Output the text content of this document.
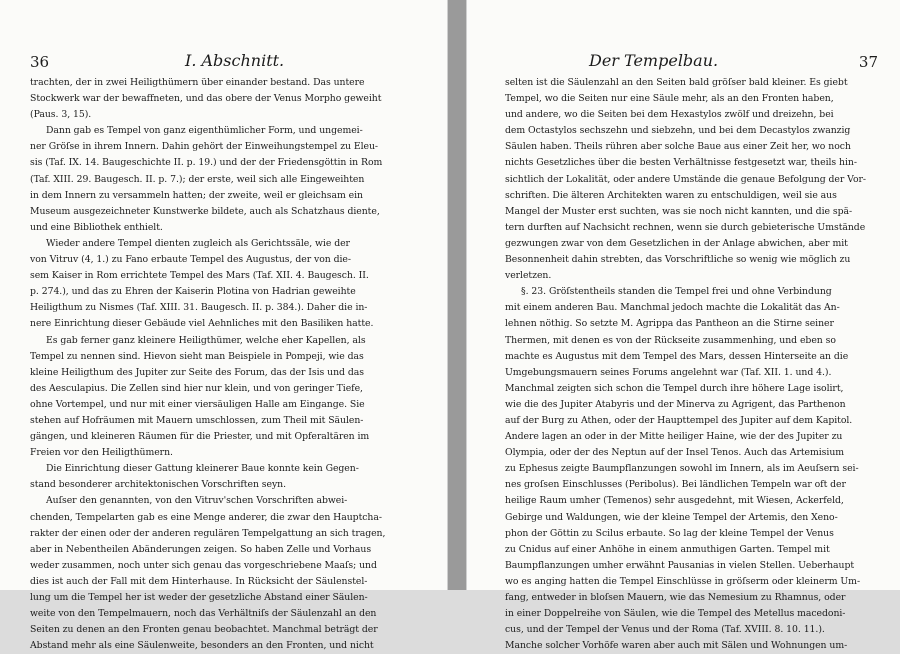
36	I. Abschnitt.
trachten, der in zwei Heiligthümern über einander bestand. Das untere
Stockwerk war der bewaffneten, und das obere der Venus Morpho geweiht
(Paus. 3, 15).
Dann gab es Tempel von ganz eigenthümlicher Form, und ungemei-
ner Gröſse in ihrem Innern. Dahin gehört der Einweihungstempel zu Eleu-
sis (Taf. IX. 14. Baugeschichte II. p. 19.) und der der Friedensgöttin in Rom
(Taf. XIII. 29. Baugesch. II. p. 7.); der erste, weil sich alle Eingeweihten
in dem Innern zu versammeln hatten; der zweite, weil er gleichsam ein
Museum ausgezeichneter Kunstwerke bildete, auch als Schatzhaus diente,
und eine Bibliothek enthielt.
Wieder andere Tempel dienten zugleich als Gerichtssäle, wie der
von Vitruv (4, 1.) zu Fano erbaute Tempel des Augustus, der von die-
sem Kaiser in Rom errichtete Tempel des Mars (Taf. XII. 4. Baugesch. II.
p. 274.), und das zu Ehren der Kaiserin Plotina von Hadrian geweihte
Heiligthum zu Nismes (Taf. XIII. 31. Baugesch. II. p. 384.). Daher die in-
nere Einrichtung dieser Gebäude viel Aehnliches mit den Basiliken hatte.
Es gab ferner ganz kleinere Heiligthümer, welche eher Kapellen, als
Tempel zu nennen sind. Hievon sieht man Beispiele in Pompeji, wie das
kleine Heiligthum des Jupiter zur Seite des Forum, das der Isis und das
des Aesculapius. Die Zellen sind hier nur klein, und von geringer Tiefe,
ohne Vortempel, und nur mit einer viersäuligen Halle am Eingange. Sie
stehen auf Hofräumen mit Mauern umschlossen, zum Theil mit Säulen-
gängen, und kleineren Räumen für die Priester, und mit Opferaltären im
Freien vor den Heiligthümern.
Die Einrichtung dieser Gattung kleinerer Baue konnte kein Gegen-
stand besonderer architektonischen Vorschriften seyn.
Auſser den genannten, von den Vitruv'schen Vorschriften abwei-
chenden, Tempelarten gab es eine Menge anderer, die zwar den Hauptcha-
rakter der einen oder der anderen regulären Tempelgattung an sich tragen,
aber in Nebentheilen Abänderungen zeigen. So haben Zelle und Vorhaus
weder zusammen, noch unter sich genau das vorgeschriebene Maaſs; und
dies ist auch der Fall mit dem Hinterhause. In Rücksicht der Säulenstel-
lung um die Tempel her ist weder der gesetzliche Abstand einer Säulen-
weite von den Tempelmauern, noch das Verhältniſs der Säulenzahl an den
Seiten zu denen an den Fronten genau beobachtet. Manchmal beträgt der
Abstand mehr als eine Säulenweite, besonders an den Fronten, und nicht
Der Tempelbau.	37
selten ist die Säulenzahl an den Seiten bald gröſser bald kleiner. Es giebt
Tempel, wo die Seiten nur eine Säule mehr, als an den Fronten haben,
und andere, wo die Seiten bei dem Hexastylos zwölf und dreizehn, bei
dem Octastylos sechszehn und siebzehn, und bei dem Decastylos zwanzig
Säulen haben. Theils rühren aber solche Baue aus einer Zeit her, wo noch
nichts Gesetzliches über die besten Verhältnisse festgesetzt war, theils hin-
sichtlich der Lokalität, oder andere Umstände die genaue Befolgung der Vor-
schriften. Die älteren Architekten waren zu entschuldigen, weil sie aus
Mangel der Muster erst suchten, was sie noch nicht kannten, und die spä-
tern durften auf Nachsicht rechnen, wenn sie durch gebieterische Umstände
gezwungen zwar von dem Gesetzlichen in der Anlage abwichen, aber mit
Besonnenheit dahin strebten, das Vorschriftliche so wenig wie möglich zu
verletzen.
§. 23. Gröſstentheils standen die Tempel frei und ohne Verbindung
mit einem anderen Bau. Manchmal jedoch machte die Lokalität das An-
lehnen nöthig. So setzte M. Agrippa das Pantheon an die Stirne seiner
Thermen, mit denen es von der Rückseite zusammenhing, und eben so
machte es Augustus mit dem Tempel des Mars, dessen Hinterseite an die
Umgebungsmauern seines Forums angelehnt war (Taf. XII. 1. und 4.).
Manchmal zeigten sich schon die Tempel durch ihre höhere Lage isolirt,
wie die des Jupiter Atabyris und der Minerva zu Agrigent, das Parthenon
auf der Burg zu Athen, oder der Haupttempel des Jupiter auf dem Kapitol.
Andere lagen an oder in der Mitte heiliger Haine, wie der des Jupiter zu
Olympia, oder der des Neptun auf der Insel Tenos. Auch das Artemisium
zu Ephesus zeigte Baumpflanzungen sowohl im Innern, als im Aeuſsern sei-
nes groſsen Einschlusses (Peribolus). Bei ländlichen Tempeln war oft der
heilige Raum umher (Temenos) sehr ausgedehnt, mit Wiesen, Ackerfeld,
Gebirge und Waldungen, wie der kleine Tempel der Artemis, den Xeno-
phon der Göttin zu Scilus erbaute. So lag der kleine Tempel der Venus
zu Cnidus auf einer Anhöhe in einem anmuthigen Garten. Tempel mit
Baumpflanzungen umher erwähnt Pausanias in vielen Stellen. Ueberhaupt
wo es anging hatten die Tempel Einschlüsse in gröſserm oder kleinerm Um-
fang, entweder in bloſsen Mauern, wie das Nemesium zu Rhamnus, oder
in einer Doppelreihe von Säulen, wie die Tempel des Metellus macedoni-
cus, und der Tempel der Venus und der Roma (Taf. XVIII. 8. 10. 11.).
Manche solcher Vorhöfe waren aber auch mit Sälen und Wohnungen um-
